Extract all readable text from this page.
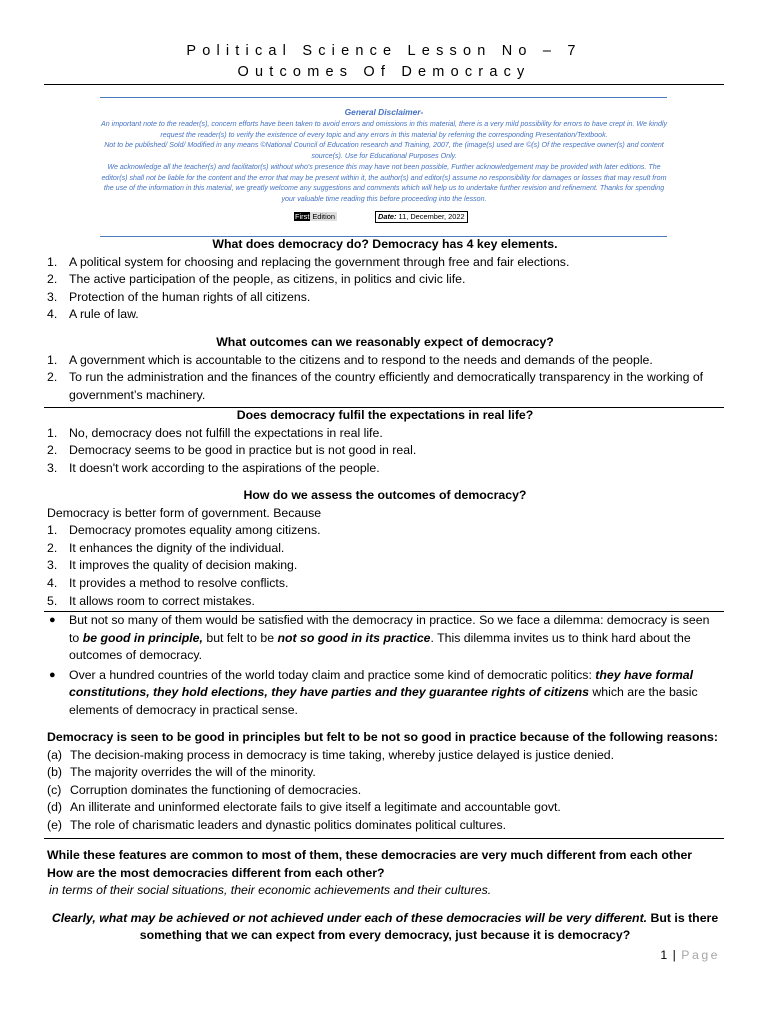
Political Science Lesson No – 7
Outcomes Of Democracy

General Disclaimer-

An important note to the reader(s), concern efforts have been taken to avoid errors and omissions in this material, there is a very mild possibility for errors to have crept in. We kindly request the reader(s) to verify the existence of every topic and any errors in this material by referring the corresponding Presentation/Textbook.

Not to be published/ Sold/ Modified in any means ©National Council of Education research and Training, 2007, the (image(s) used are ©(s) Of the respective owner(s) and content source(s). Use for Educational Purposes Only.

We acknowledge all the teacher(s) and facilitator(s) without who's presence this may have not been possible, Further acknowledgement may be provided with later editions. The editor(s) shall not be liable for the content and the error that may be present within it, the author(s) and editor(s) assume no responsibility for damages or losses that may result from the use of the information in this material, we greatly welcome any suggestions and comments which will help us to undertake further revision and refinement. Thanks for spending your valuable time reading this before proceeding into the lesson.

First Edition	Date: 11, December, 2022

What does democracy do? Democracy has 4 key elements.

1. A political system for choosing and replacing the government through free and fair elections.
2. The active participation of the people, as citizens, in politics and civic life.
3. Protection of the human rights of all citizens.
4. A rule of law.

What outcomes can we reasonably expect of democracy?

1. A government which is accountable to the citizens and to respond to the needs and demands of the people.
2. To run the administration and the finances of the country efficiently and democratically transparency in the working of government’s machinery.

Does democracy fulfil the expectations in real life?

1. No, democracy does not fulfill the expectations in real life.
2. Democracy seems to be good in practice but is not good in real.
3. It doesn't work according to the aspirations of the people.

How do we assess the outcomes of democracy?

Democracy is better form of government. Because

1. Democracy promotes equality among citizens.
2. It enhances the dignity of the individual.
3. It improves the quality of decision making.
4. It provides a method to resolve conflicts.
5. It allows room to correct mistakes.
● But not so many of them would be satisfied with the democracy in practice. So we face a dilemma: democracy is seen to be good in principle, but felt to be not so good in its practice. This dilemma invites us to think hard about the outcomes of democracy.
● Over a hundred countries of the world today claim and practice some kind of democratic politics: they have formal constitutions, they hold elections, they have parties and they guarantee rights of citizens which are the basic elements of democracy in practical sense.

Democracy is seen to be good in principles but felt to be not so good in practice because of the following reasons:

(a) The decision-making process in democracy is time taking, whereby justice delayed is justice denied.
(b) The majority overrides the will of the minority.
(c) Corruption dominates the functioning of democracies.
(d) An illiterate and uninformed electorate fails to give itself a legitimate and accountable govt.
(e) The role of charismatic leaders and dynastic politics dominates political cultures.

While these features are common to most of them, these democracies are very much different from each other

How are the most democracies different from each other?

in terms of their social situations, their economic achievements and their cultures.

Clearly, what may be achieved or not achieved under each of these democracies will be very different. But is there something that we can expect from every democracy, just because it is democracy?

1 | Page
